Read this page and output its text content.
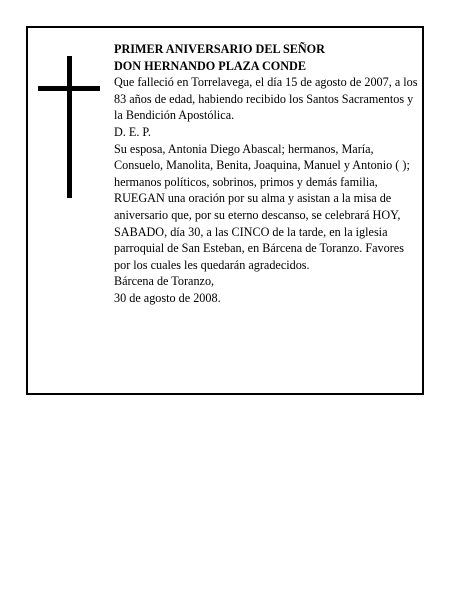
PRIMER ANIVERSARIO DEL SEÑOR

DON HERNANDO PLAZA CONDE

Que falleció en Torrelavega, el día 15 de agosto de 2007, a los 83 años de edad, habiendo recibido los Santos Sacramentos y la Bendición Apostólica.

D. E. P.

Su esposa, Antonia Diego Abascal; hermanos, María, Consuelo, Manolita, Benita, Joaquina, Manuel y Antonio ( ); hermanos políticos, sobrinos, primos y demás familia,

RUEGAN una oración por su alma y asistan a la misa de aniversario que, por su eterno descanso, se celebrará HOY, SABADO, día 30, a las CINCO de la tarde, en la iglesia parroquial de San Esteban, en Bárcena de Toranzo. Favores por los cuales les quedarán agradecidos.

Bárcena de Toranzo,

30 de agosto de 2008.
